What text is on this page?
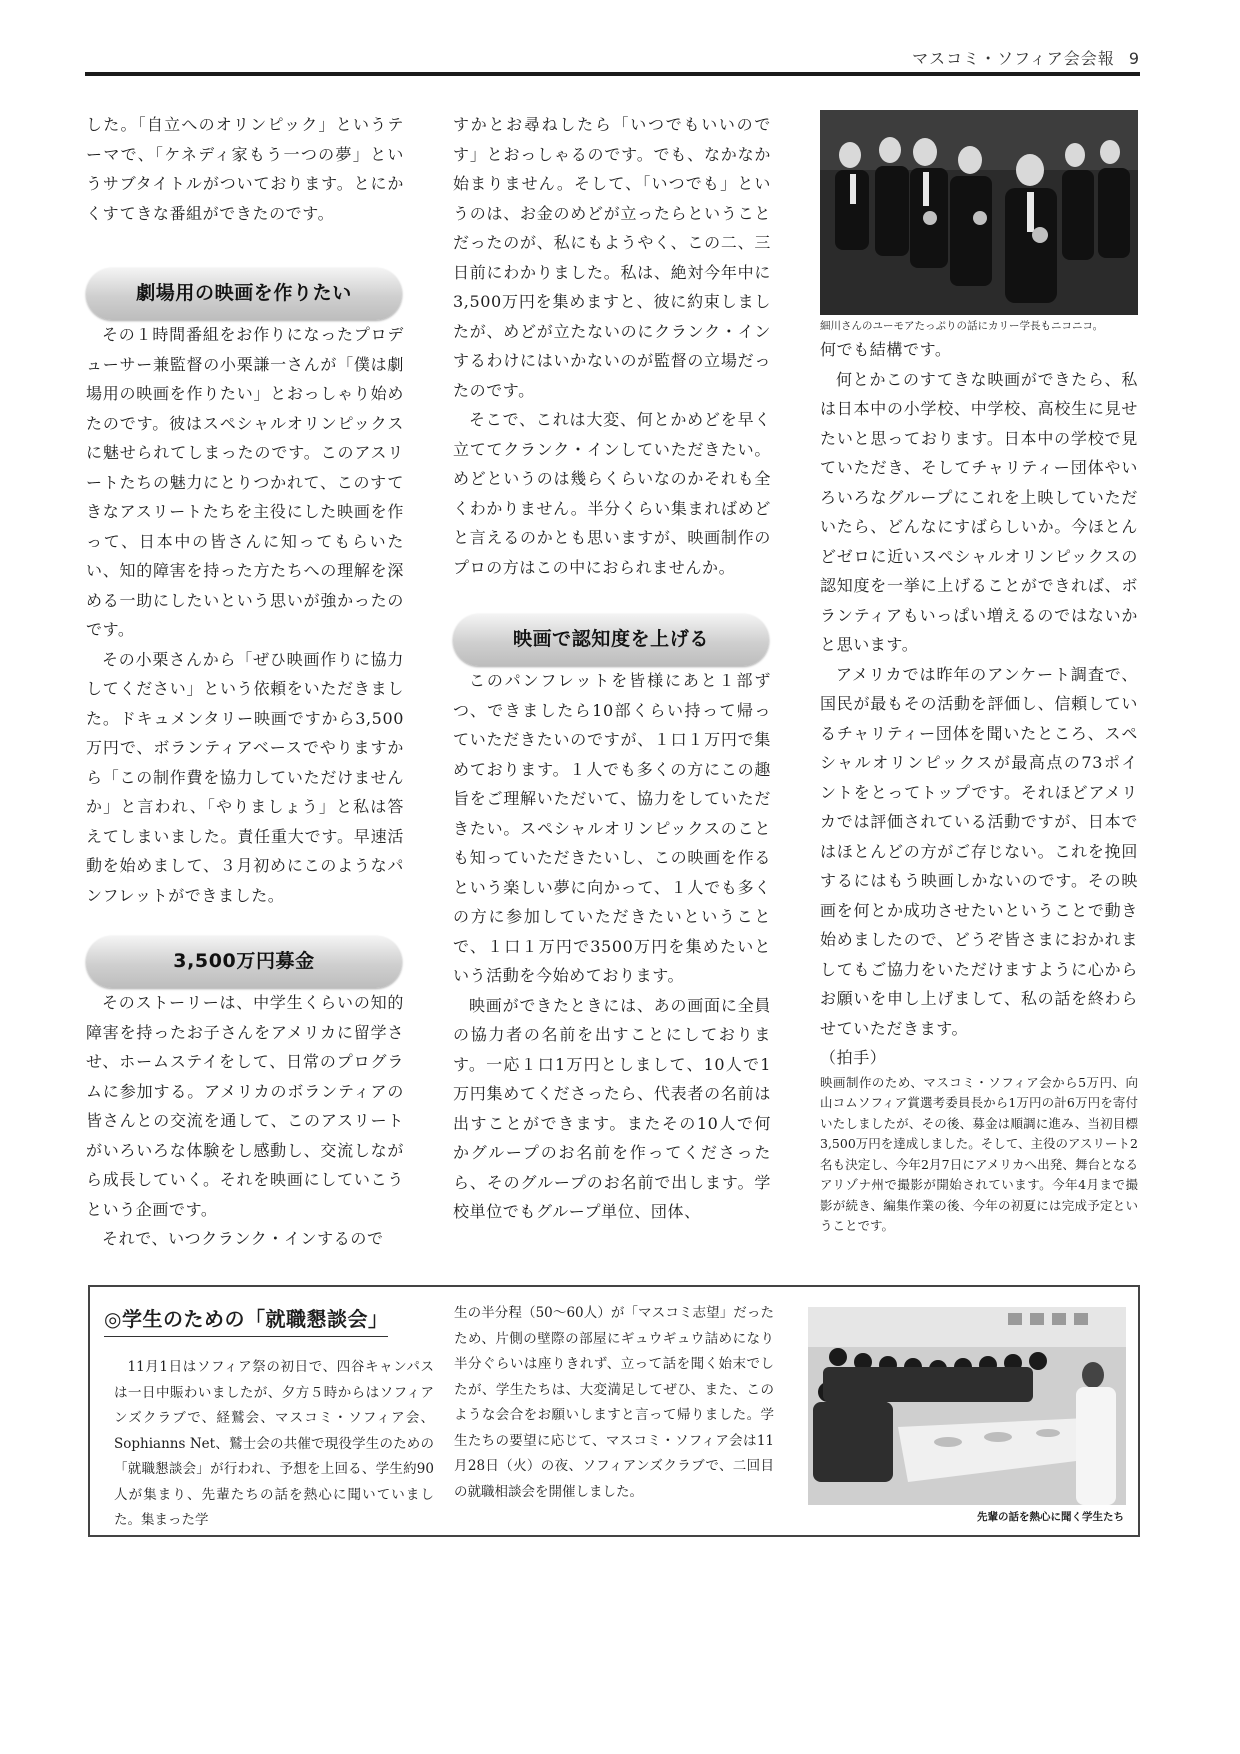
マスコミ・ソフィア会会報 9

した。「自立へのオリンピック」というテーマで、「ケネディ家もう一つの夢」というサブタイトルがついております。とにかくすてきな番組ができたのです。

劇場用の映画を作りたい

その１時間番組をお作りになったプロデューサー兼監督の小栗謙一さんが「僕は劇場用の映画を作りたい」とおっしゃり始めたのです。彼はスペシャルオリンピックスに魅せられてしまったのです。このアスリートたちの魅力にとりつかれて、このすてきなアスリートたちを主役にした映画を作って、日本中の皆さんに知ってもらいたい、知的障害を持った方たちへの理解を深める一助にしたいという思いが強かったのです。

その小栗さんから「ぜひ映画作りに協力してください」という依頼をいただきました。ドキュメンタリー映画ですから3,500万円で、ボランティアベースでやりますから「この制作費を協力していただけませんか」と言われ、「やりましょう」と私は答えてしまいました。責任重大です。早速活動を始めまして、３月初めにこのようなパンフレットができました。

3,500万円募金

そのストーリーは、中学生くらいの知的障害を持ったお子さんをアメリカに留学させ、ホームステイをして、日常のプログラムに参加する。アメリカのボランティアの皆さんとの交流を通して、このアスリートがいろいろな体験をし感動し、交流しながら成長していく。それを映画にしていこうという企画です。

それで、いつクランク・インするので

すかとお尋ねしたら「いつでもいいのです」とおっしゃるのです。でも、なかなか始まりません。そして、「いつでも」というのは、お金のめどが立ったらということだったのが、私にもようやく、この二、三日前にわかりました。私は、絶対今年中に3,500万円を集めますと、彼に約束しましたが、めどが立たないのにクランク・インするわけにはいかないのが監督の立場だったのです。

そこで、これは大変、何とかめどを早く立ててクランク・インしていただきたい。めどというのは幾らくらいなのかそれも全くわかりません。半分くらい集まればめどと言えるのかとも思いますが、映画制作のプロの方はこの中におられませんか。

映画で認知度を上げる

このパンフレットを皆様にあと１部ずつ、できましたら10部くらい持って帰っていただきたいのですが、１口１万円で集めております。１人でも多くの方にこの趣旨をご理解いただいて、協力をしていただきたい。スペシャルオリンピックスのことも知っていただきたいし、この映画を作るという楽しい夢に向かって、１人でも多くの方に参加していただきたいということで、１口１万円で3500万円を集めたいという活動を今始めております。

映画ができたときには、あの画面に全員の協力者の名前を出すことにしております。一応１口1万円としまして、10人で1万円集めてくださったら、代表者の名前は出すことができます。またその10人で何かグループのお名前を作ってくださったら、そのグループのお名前で出します。学校単位でもグループ単位、団体、

細川さんのユーモアたっぷりの話にカリー学長もニコニコ。

何でも結構です。

何とかこのすてきな映画ができたら、私は日本中の小学校、中学校、高校生に見せたいと思っております。日本中の学校で見ていただき、そしてチャリティー団体やいろいろなグループにこれを上映していただいたら、どんなにすばらしいか。今ほとんどゼロに近いスペシャルオリンピックスの認知度を一挙に上げることができれば、ボランティアもいっぱい増えるのではないかと思います。

アメリカでは昨年のアンケート調査で、国民が最もその活動を評価し、信頼しているチャリティー団体を聞いたところ、スペシャルオリンピックスが最高点の73ポイントをとってトップです。それほどアメリカでは評価されている活動ですが、日本ではほとんどの方がご存じない。これを挽回するにはもう映画しかないのです。その映画を何とか成功させたいということで動き始めましたので、どうぞ皆さまにおかれましてもご協力をいただけますように心からお願いを申し上げまして、私の話を終わらせていただきます。

（拍手）

映画制作のため、マスコミ・ソフィア会から5万円、向山コムソフィア賞選考委員長から1万円の計6万円を寄付いたしましたが、その後、募金は順調に進み、当初目標3,500万円を達成しました。そして、主役のアスリート2名も決定し、今年2月7日にアメリカへ出発、舞台となるアリゾナ州で撮影が開始されています。今年4月まで撮影が続き、編集作業の後、今年の初夏には完成予定ということです。

◎学生のための「就職懇談会」
11月1日はソフィア祭の初日で、四谷キャンパスは一日中賑わいましたが、夕方５時からはソフィアンズクラブで、経鷲会、マスコミ・ソフィア会、Sophianns Net、鷲士会の共催で現役学生のための「就職懇談会」が行われ、予想を上回る、学生約90人が集まり、先輩たちの話を熱心に聞いていました。集まった学
生の半分程（50～60人）が「マスコミ志望」だったため、片側の壁際の部屋にギュウギュウ詰めになり半分ぐらいは座りきれず、立って話を聞く始末でしたが、学生たちは、大変満足してぜひ、また、このような会合をお願いしますと言って帰りました。学生たちの要望に応じて、マスコミ・ソフィア会は11月28日（火）の夜、ソフィアンズクラブで、二回目の就職相談会を開催しました。
先輩の話を熱心に聞く学生たち
